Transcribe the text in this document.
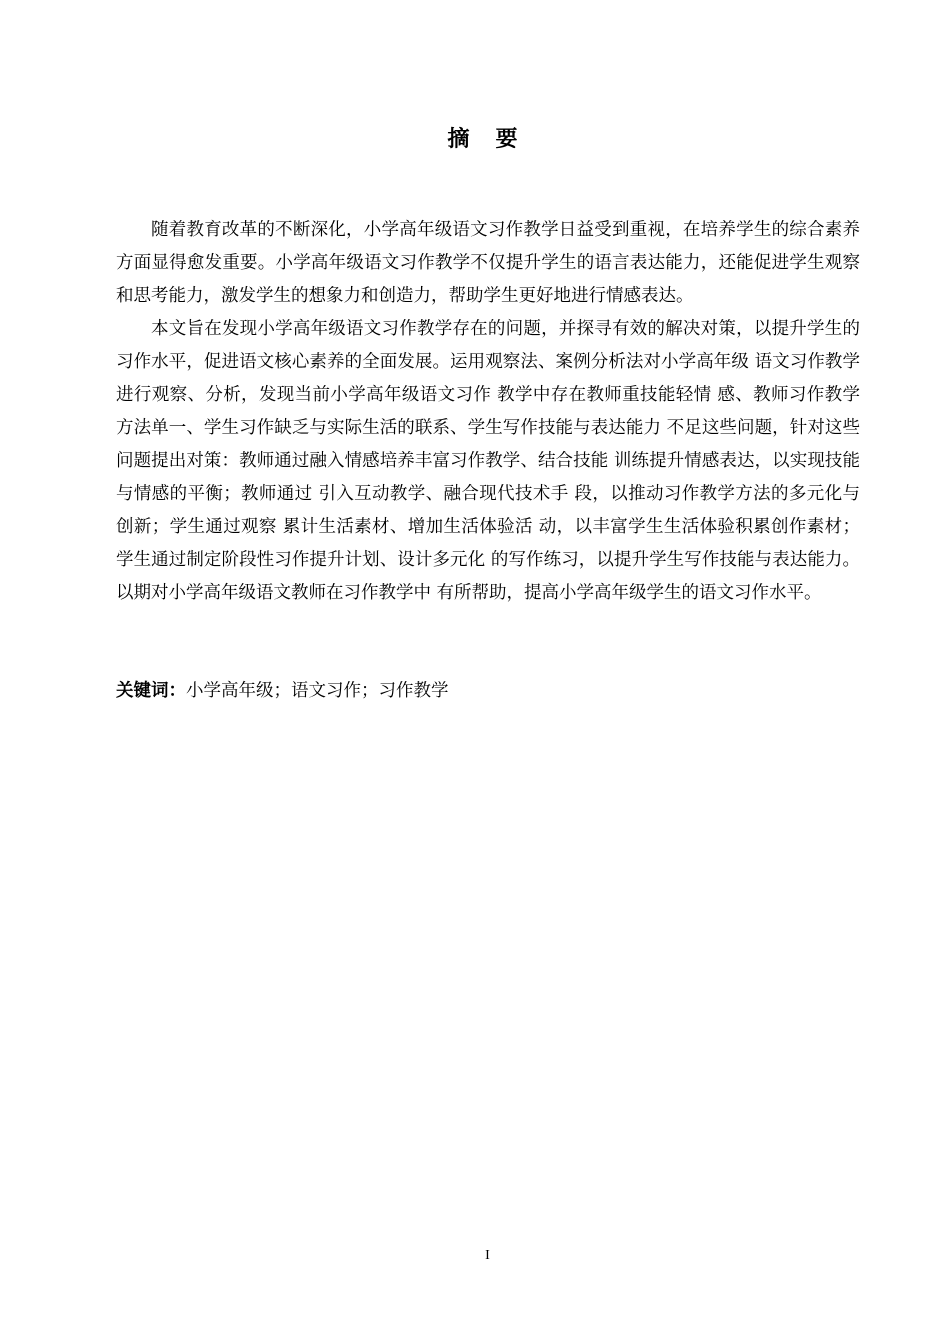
摘 要

随着教育改革的不断深化，小学高年级语文习作教学日益受到重视，在培养学生的综合素养方面显得愈发重要。小学高年级语文习作教学不仅提升学生的语言表达能力，还能促进学生观察和思考能力，激发学生的想象力和创造力，帮助学生更好地进行情感表达。

本文旨在发现小学高年级语文习作教学存在的问题，并探寻有效的解决对策，以提升学生的习作水平，促进语文核心素养的全面发展。运用观察法、案例分析法对小学高年级 语文习作教学进行观察、分析，发现当前小学高年级语文习作 教学中存在教师重技能轻情 感、教师习作教学方法单一、学生习作缺乏与实际生活的联系、学生写作技能与表达能力 不足这些问题，针对这些问题提出对策：教师通过融入情感培养丰富习作教学、结合技能 训练提升情感表达，以实现技能与情感的平衡；教师通过 引入互动教学、融合现代技术手 段，以推动习作教学方法的多元化与创新；学生通过观察 累计生活素材、增加生活体验活 动，以丰富学生生活体验积累创作素材；学生通过制定阶段性习作提升计划、设计多元化 的写作练习，以提升学生写作技能与表达能力。以期对小学高年级语文教师在习作教学中 有所帮助，提高小学高年级学生的语文习作水平。

关键词：小学高年级；语文习作；习作教学
I
